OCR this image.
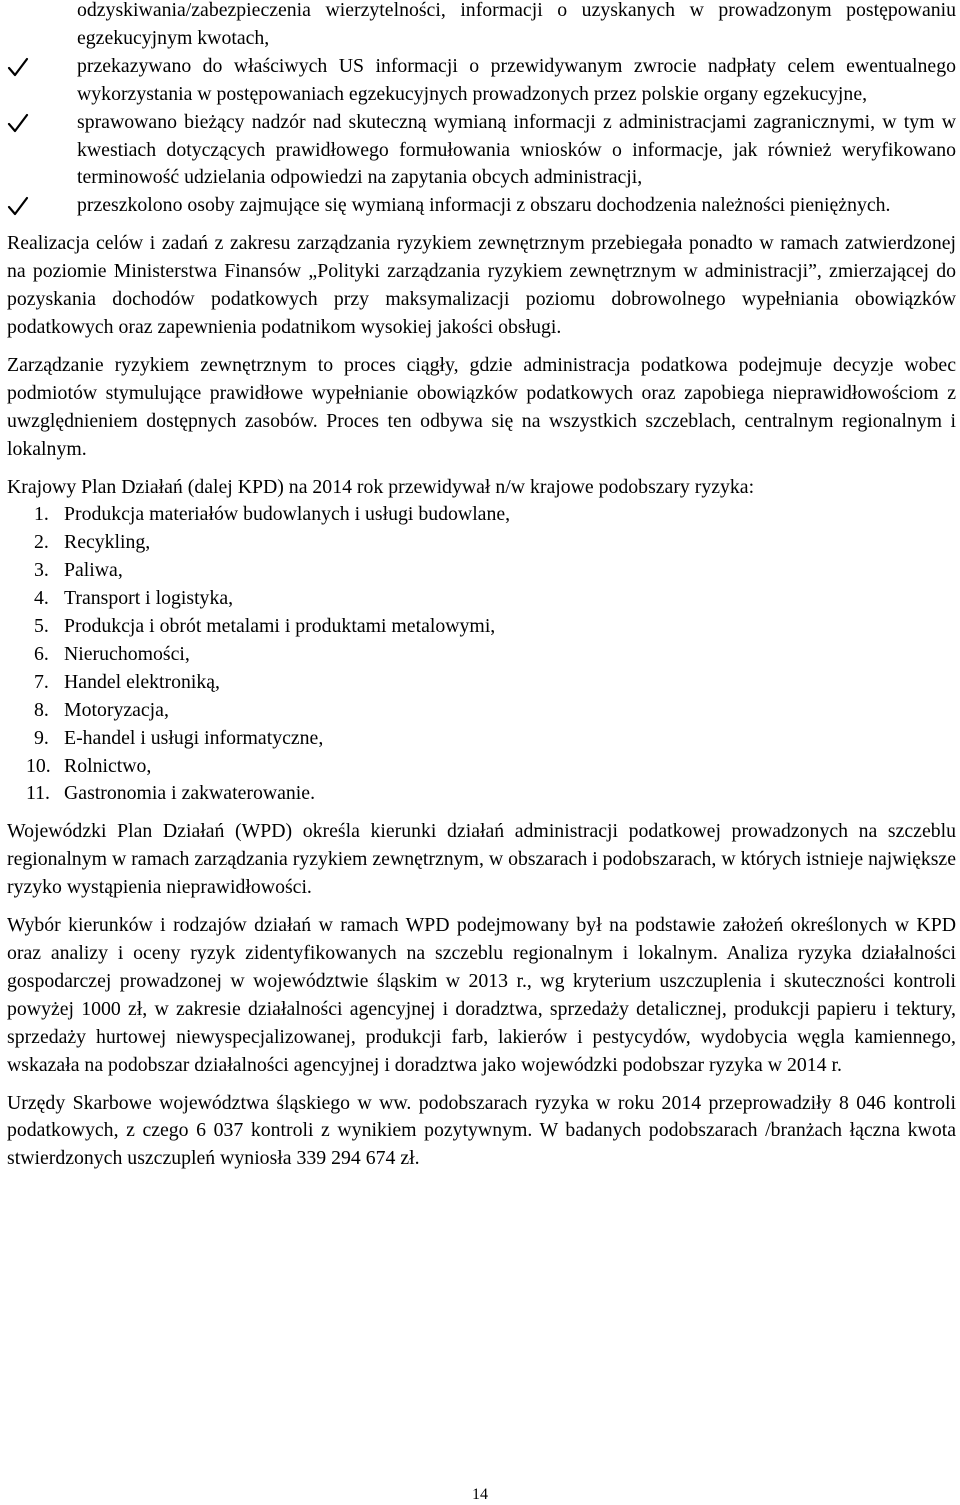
odzyskiwania/zabezpieczenia wierzytelności, informacji o uzyskanych w prowadzonym postępowaniu egzekucyjnym kwotach,
przekazywano do właściwych US informacji o przewidywanym zwrocie nadpłaty celem ewentualnego wykorzystania w postępowaniach egzekucyjnych prowadzonych przez polskie organy egzekucyjne,
sprawowano bieżący nadzór nad skuteczną wymianą informacji z administracjami zagranicznymi, w tym w kwestiach dotyczących prawidłowego formułowania wniosków o informacje, jak również weryfikowano terminowość udzielania odpowiedzi na zapytania obcych administracji,
przeszkolono osoby zajmujące się wymianą informacji z obszaru dochodzenia należności pieniężnych.

Realizacja celów i zadań z zakresu zarządzania ryzykiem zewnętrznym przebiegała ponadto w ramach zatwierdzonej na poziomie Ministerstwa Finansów „Polityki zarządzania ryzykiem zewnętrznym w administracji”, zmierzającej do pozyskania dochodów podatkowych przy maksymalizacji poziomu dobrowolnego wypełniania obowiązków podatkowych oraz zapewnienia podatnikom wysokiej jakości obsługi.

Zarządzanie ryzykiem zewnętrznym to proces ciągły, gdzie administracja podatkowa podejmuje decyzje wobec podmiotów stymulujące prawidłowe wypełnianie obowiązków podatkowych oraz zapobiega nieprawidłowościom z uwzględnieniem dostępnych zasobów. Proces ten odbywa się na wszystkich szczeblach, centralnym regionalnym i lokalnym.

Krajowy Plan Działań (dalej KPD) na 2014 rok przewidywał n/w krajowe podobszary ryzyka:

1. Produkcja materiałów budowlanych i usługi budowlane,
2. Recykling,
3. Paliwa,
4. Transport i logistyka,
5. Produkcja i obrót metalami i produktami metalowymi,
6. Nieruchomości,
7. Handel elektroniką,
8. Motoryzacja,
9. E-handel i usługi informatyczne,
10. Rolnictwo,
11. Gastronomia i zakwaterowanie.

Wojewódzki Plan Działań (WPD) określa kierunki działań administracji podatkowej prowadzonych na szczeblu regionalnym w ramach zarządzania ryzykiem zewnętrznym, w obszarach i podobszarach, w których istnieje największe ryzyko wystąpienia nieprawidłowości.

Wybór kierunków i rodzajów działań w ramach WPD podejmowany był na podstawie założeń określonych w KPD oraz analizy i oceny ryzyk zidentyfikowanych na szczeblu regionalnym i lokalnym. Analiza ryzyka działalności gospodarczej prowadzonej w województwie śląskim w 2013 r., wg kryterium uszczuplenia i skuteczności kontroli powyżej 1000 zł, w zakresie działalności agencyjnej i doradztwa, sprzedaży detalicznej, produkcji papieru i tektury, sprzedaży hurtowej niewyspecjalizowanej, produkcji farb, lakierów i pestycydów, wydobycia węgla kamiennego, wskazała na podobszar działalności agencyjnej i doradztwa jako wojewódzki podobszar ryzyka w 2014 r.

Urzędy Skarbowe województwa śląskiego w ww. podobszarach ryzyka w roku 2014 przeprowadziły 8 046 kontroli podatkowych, z czego 6 037 kontroli z wynikiem pozytywnym. W badanych podobszarach /branżach łączna kwota stwierdzonych uszczupleń wyniosła 339 294 674 zł.

14
